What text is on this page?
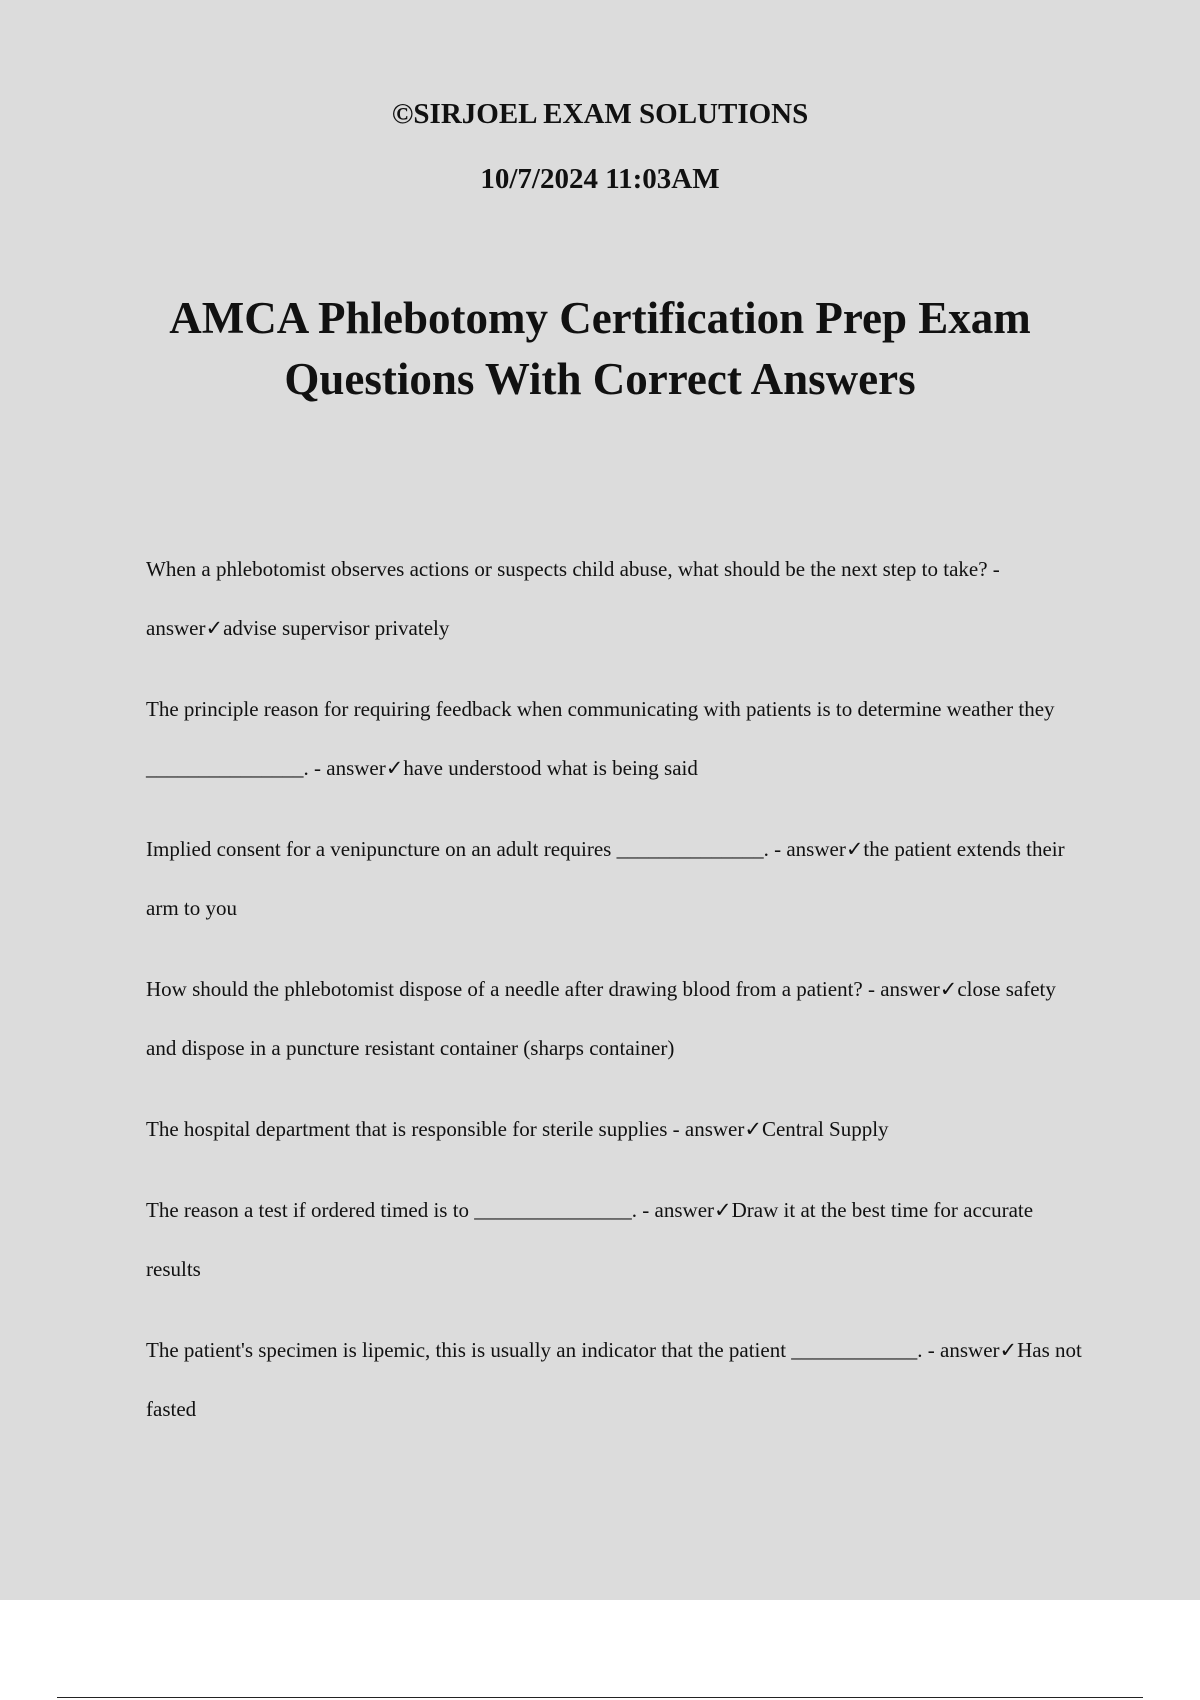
©SIRJOEL EXAM SOLUTIONS
10/7/2024 11:03AM
AMCA Phlebotomy Certification Prep Exam Questions With Correct Answers

When a phlebotomist observes actions or suspects child abuse, what should be the next step to take? - answer✓advise supervisor privately

The principle reason for requiring feedback when communicating with patients is to determine weather they _______________. - answer✓have understood what is being said

Implied consent for a venipuncture on an adult requires ______________. - answer✓the patient extends their arm to you

How should the phlebotomist dispose of a needle after drawing blood from a patient? - answer✓close safety and dispose in a puncture resistant container (sharps container)

The hospital department that is responsible for sterile supplies - answer✓Central Supply

The reason a test if ordered timed is to _______________. - answer✓Draw it at the best time for accurate results

The patient's specimen is lipemic, this is usually an indicator that the patient ____________. - answer✓Has not fasted
